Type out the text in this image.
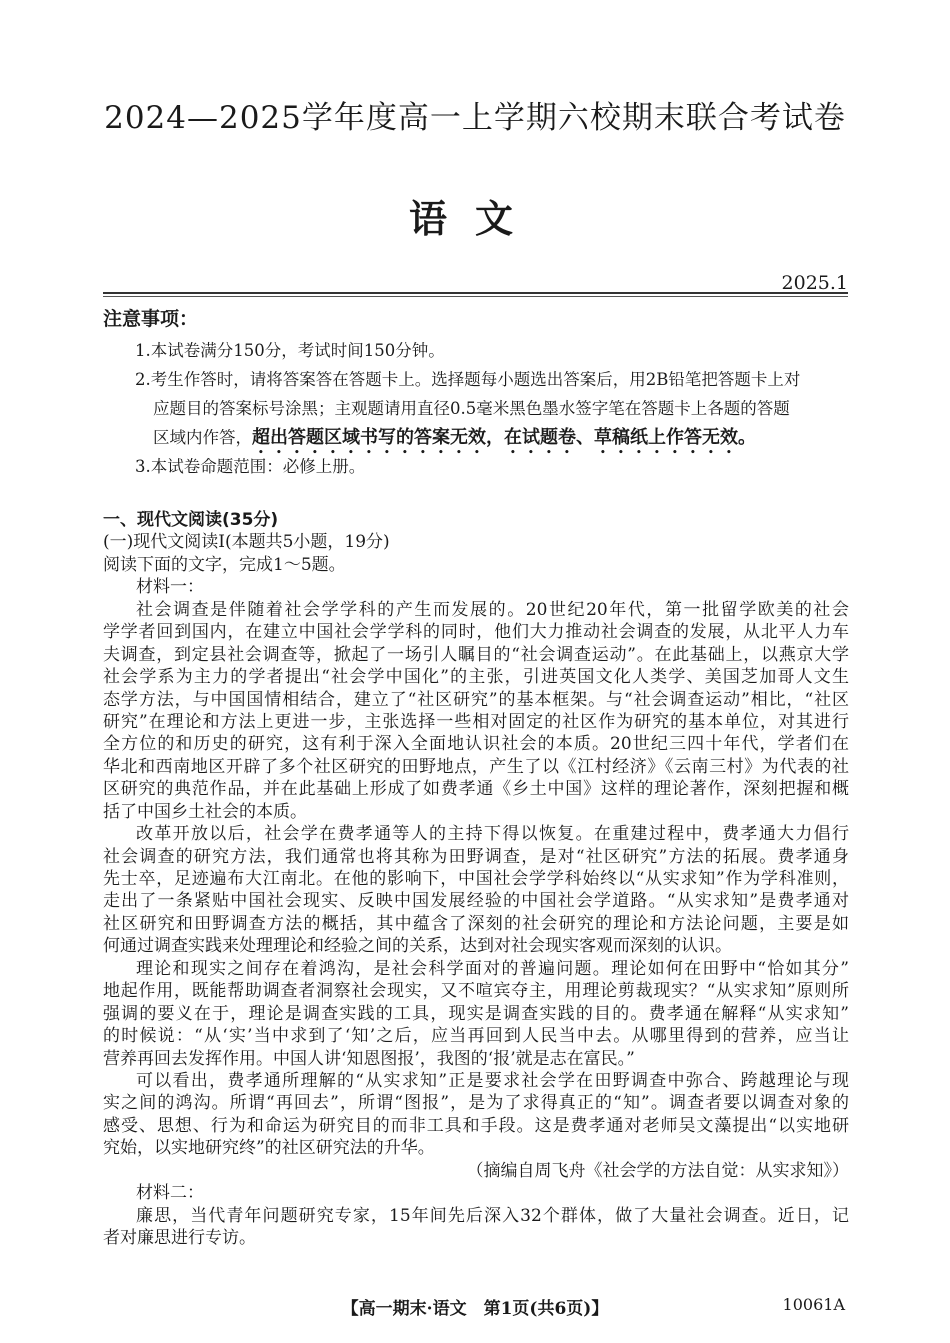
2024—2025学年度高一上学期六校期末联合考试卷
语文
2025.1
注意事项：
1.本试卷满分150分，考试时间150分钟。
2.考生作答时，请将答案答在答题卡上。选择题每小题选出答案后，用2B铅笔把答题卡上对
应题目的答案标号涂黑；主观题请用直径0.5毫米黑色墨水签字笔在答题卡上各题的答题
区域内作答，超出答题区域书写的答案无效，在试题卷、草稿纸上作答无效。
3.本试卷命题范围：必修上册。
一、现代文阅读(35分)
(一)现代文阅读Ⅰ(本题共5小题，19分)
阅读下面的文字，完成1～5题。
材料一：
社会调查是伴随着社会学学科的产生而发展的。20世纪20年代，第一批留学欧美的社会
学学者回到国内，在建立中国社会学学科的同时，他们大力推动社会调查的发展，从北平人力车
夫调查，到定县社会调查等，掀起了一场引人瞩目的“社会调查运动”。在此基础上，以燕京大学
社会学系为主力的学者提出“社会学中国化”的主张，引进英国文化人类学、美国芝加哥人文生
态学方法，与中国国情相结合，建立了“社区研究”的基本框架。与“社会调查运动”相比，“社区
研究”在理论和方法上更进一步，主张选择一些相对固定的社区作为研究的基本单位，对其进行
全方位的和历史的研究，这有利于深入全面地认识社会的本质。20世纪三四十年代，学者们在
华北和西南地区开辟了多个社区研究的田野地点，产生了以《江村经济》《云南三村》为代表的社
区研究的典范作品，并在此基础上形成了如费孝通《乡土中国》这样的理论著作，深刻把握和概
括了中国乡土社会的本质。
改革开放以后，社会学在费孝通等人的主持下得以恢复。在重建过程中，费孝通大力倡行
社会调查的研究方法，我们通常也将其称为田野调查，是对“社区研究”方法的拓展。费孝通身
先士卒，足迹遍布大江南北。在他的影响下，中国社会学学科始终以“从实求知”作为学科准则，
走出了一条紧贴中国社会现实、反映中国发展经验的中国社会学道路。“从实求知”是费孝通对
社区研究和田野调查方法的概括，其中蕴含了深刻的社会研究的理论和方法论问题，主要是如
何通过调查实践来处理理论和经验之间的关系，达到对社会现实客观而深刻的认识。
理论和现实之间存在着鸿沟，是社会科学面对的普遍问题。理论如何在田野中“恰如其分”
地起作用，既能帮助调查者洞察社会现实，又不喧宾夺主，用理论剪裁现实？“从实求知”原则所
强调的要义在于，理论是调查实践的工具，现实是调查实践的目的。费孝通在解释“从实求知”
的时候说：“从‘实’当中求到了‘知’之后，应当再回到人民当中去。从哪里得到的营养，应当让
营养再回去发挥作用。中国人讲‘知恩图报’，我图的‘报’就是志在富民。”
可以看出，费孝通所理解的“从实求知”正是要求社会学在田野调查中弥合、跨越理论与现
实之间的鸿沟。所谓“再回去”，所谓“图报”，是为了求得真正的“知”。调查者要以调查对象的
感受、思想、行为和命运为研究目的而非工具和手段。这是费孝通对老师吴文藻提出“以实地研
究始，以实地研究终”的社区研究法的升华。
（摘编自周飞舟《社会学的方法自觉：从实求知》）
材料二：
廉思，当代青年问题研究专家，15年间先后深入32个群体，做了大量社会调查。近日，记
者对廉思进行专访。
【高一期末·语文　第1页(共6页)】	10061A
